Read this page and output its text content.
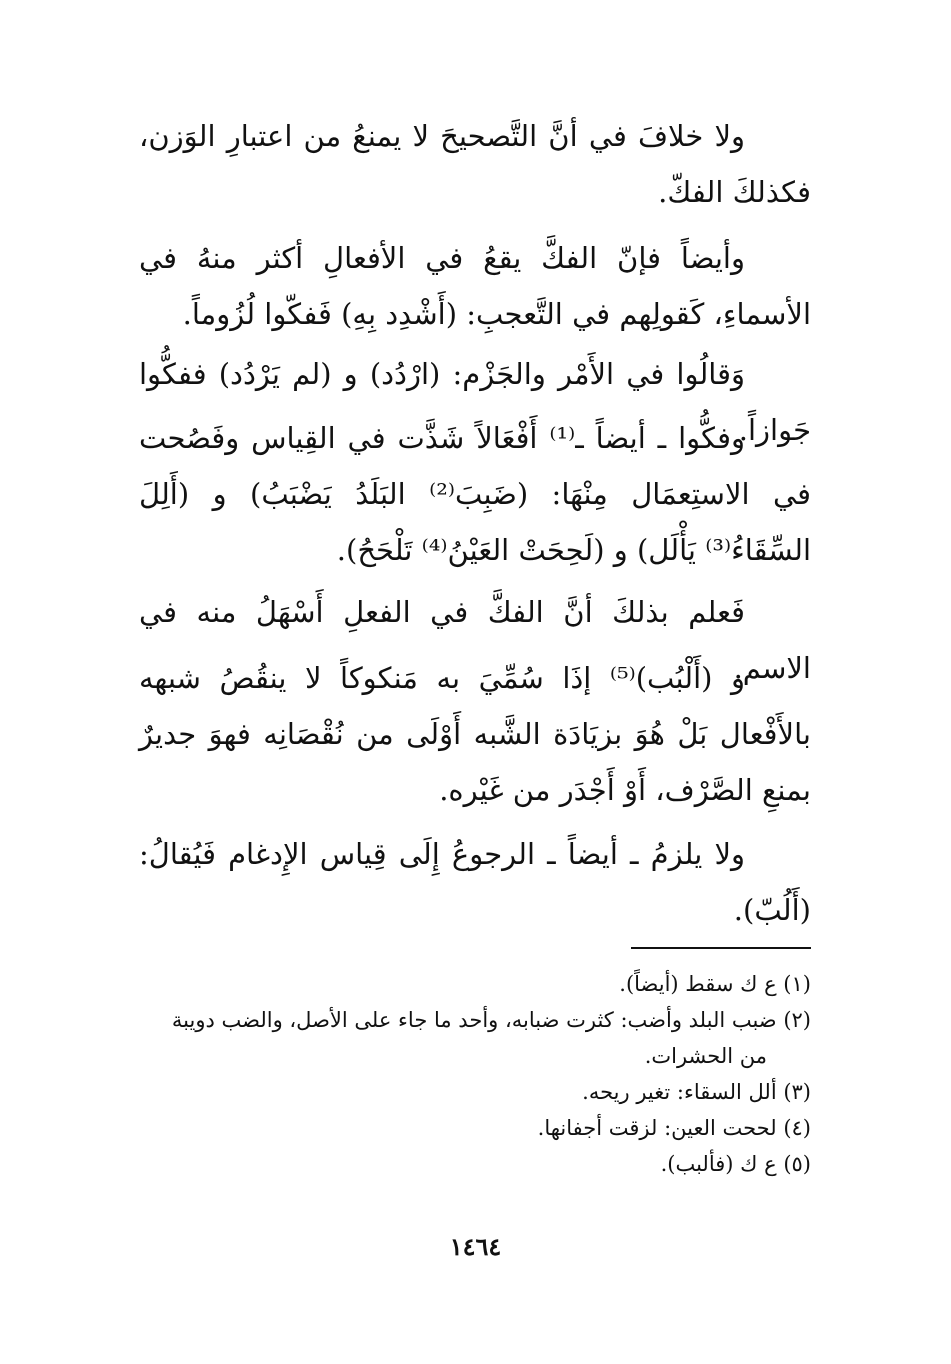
ولا خلافَ في أنَّ التَّصحيحَ لا يمنعُ من اعتبارِ الوَزن، فكذلكَ الفكّ.

وأيضاً فإنّ الفكَّ يقعُ في الأفعالِ أكثر منهُ في الأسماءِ، كَقولِهم في التَّعجبِ: (أَشْدِد بِهِ) فَفكّوا لُزُوماً.

وَقالُوا في الأَمْر والجَزْم: (ارْدُد) و (لم يَرْدُد) ففكُّوا جَوازاً.

وفكُّوا ـ أيضاً ـ⁽¹⁾ أَفْعَالاً شَذَّت في القِياس وفَصُحت في الاستِعمَال مِنْهَا: (ضَبِبَ⁽²⁾ البَلَدُ يَضْبَبُ) و (أَلِلَ السِّقَاءُ⁽³⁾ يَأْلَل) و (لَحِحَتْ العَيْنُ⁽⁴⁾ تَلْحَحُ).

فَعلم بذلكَ أنَّ الفكَّ في الفعلِ أَسْهَلُ منه في الاسم.

و (أَلْبُب)⁽⁵⁾ إذَا سُمِّيَ به مَنكوكاً لا ينقُصُ شبهه بالأَفْعال بَلْ هُوَ بزيَادَة الشَّبه أَوْلَى من نُقْصَانِه فهوَ جديرٌ بمنعِ الصَّرْف، أَوْ أَجْدَر من غَيْره.

ولا يلزمُ ـ أيضاً ـ الرجوعُ إِلَى قِياس الإِدغام فَيُقالُ: (أَلُبّ).

(١) ع ك سقط (أيضاً).

(٢) ضبب البلد وأضب: كثرت ضبابه، وأحد ما جاء على الأصل، والضب دويبة من الحشرات.

(٣) ألل السقاء: تغير ريحه.

(٤) لححت العين: لزقت أجفانها.

(٥) ع ك (فألبب).

١٤٦٤
